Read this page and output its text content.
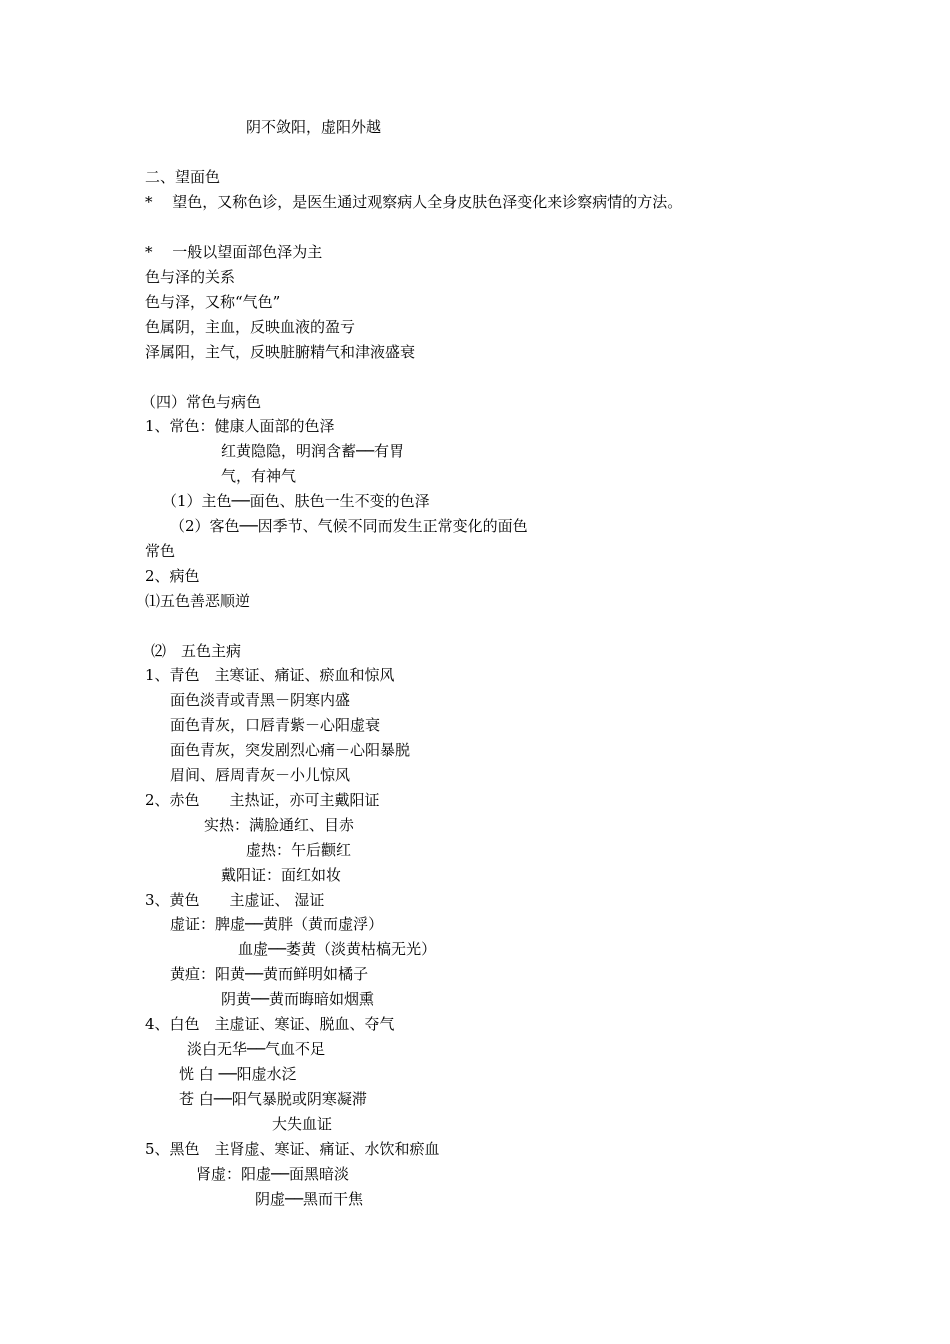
阴不敛阳，虚阳外越
二、望面色
*　 望色，又称色诊，是医生通过观察病人全身皮肤色泽变化来诊察病情的方法。
*　 一般以望面部色泽为主
色与泽的关系
色与泽，又称“气色”
色属阴，主血，反映血液的盈亏
泽属阳，主气，反映脏腑精气和津液盛衰
（四）常色与病色
1、常色：健康人面部的色泽
红黄隐隐，明润含蓄──有胃
气，有神气
（1）主色──面色、肤色一生不变的色泽
（2）客色──因季节、气候不同而发生正常变化的面色
常色
2、病色
⑴五色善恶顺逆
⑵　五色主病
1、青色　主寒证、痛证、瘀血和惊风
面色淡青或青黑－阴寒内盛
面色青灰，口唇青紫－心阳虚衰
面色青灰，突发剧烈心痛－心阳暴脱
眉间、唇周青灰－小儿惊风
2、赤色　　主热证，亦可主戴阳证
实热：满脸通红、目赤
虚热：午后颧红
戴阳证：面红如妆
3、黄色　　主虚证、 湿证
虚证：脾虚──黄胖（黄而虚浮）
血虚──萎黄（淡黄枯槁无光）
黄疸：阳黄──黄而鲜明如橘子
阴黄──黄而晦暗如烟熏
4、白色　主虚证、寒证、脱血、夺气
淡白无华──气血不足
恍 白 ──阳虚水泛
苍 白──阳气暴脱或阴寒凝滞
大失血证
5、黑色　主肾虚、寒证、痛证、水饮和瘀血
肾虚：阳虚──面黑暗淡
阴虚──黑而干焦
